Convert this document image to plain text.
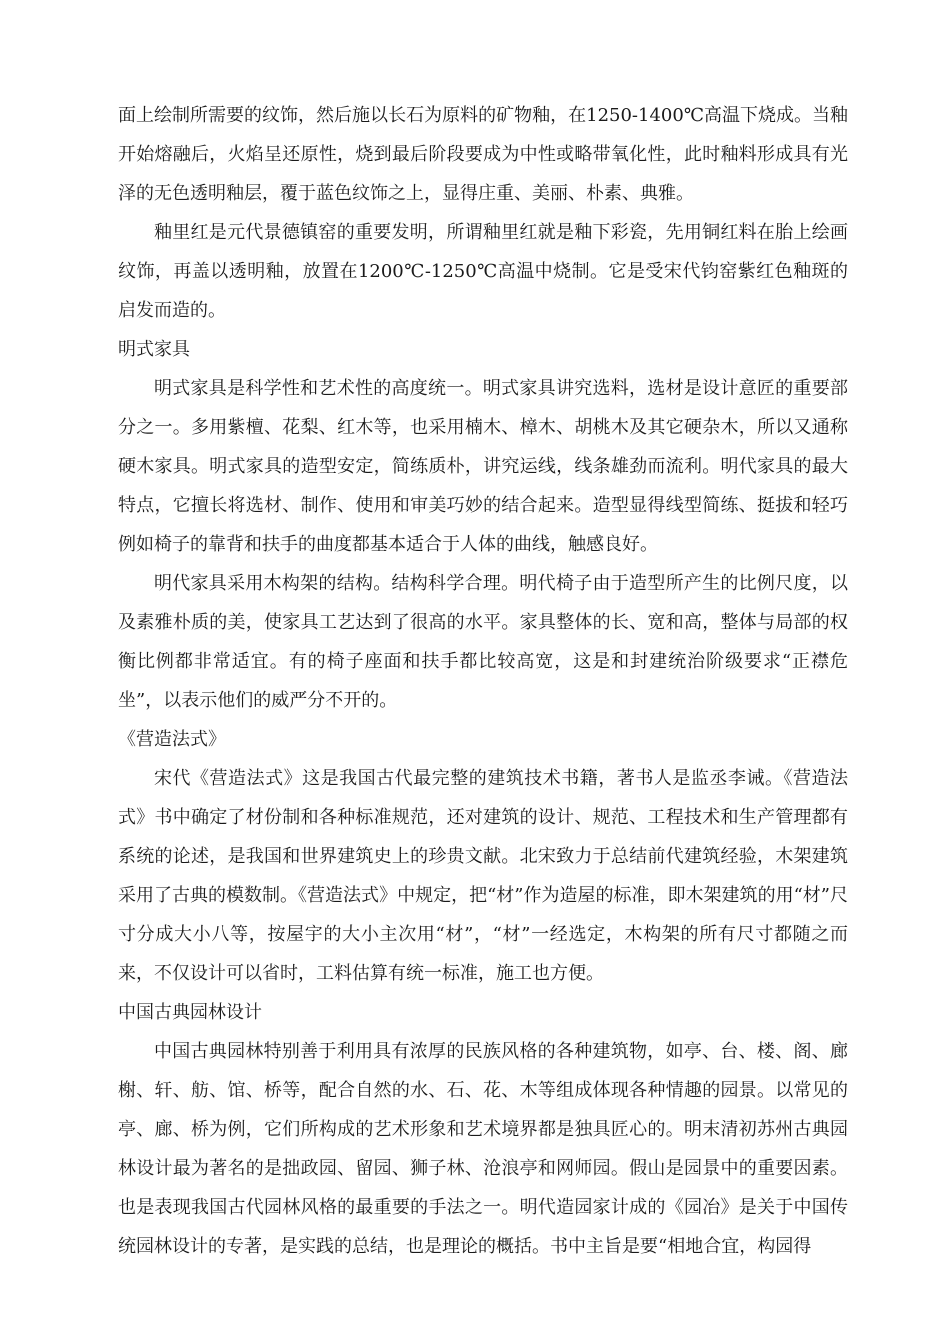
面上绘制所需要的纹饰，然后施以长石为原料的矿物釉，在1250-1400℃高温下烧成。当釉开始熔融后，火焰呈还原性，烧到最后阶段要成为中性或略带氧化性，此时釉料形成具有光泽的无色透明釉层，覆于蓝色纹饰之上，显得庄重、美丽、朴素、典雅。

釉里红是元代景德镇窑的重要发明，所谓釉里红就是釉下彩瓷，先用铜红料在胎上绘画纹饰，再盖以透明釉，放置在1200℃-1250℃高温中烧制。它是受宋代钧窑紫红色釉斑的启发而造的。

明式家具

明式家具是科学性和艺术性的高度统一。明式家具讲究选料，选材是设计意匠的重要部分之一。多用紫檀、花梨、红木等，也采用楠木、樟木、胡桃木及其它硬杂木，所以又通称硬木家具。明式家具的造型安定，简练质朴，讲究运线，线条雄劲而流利。明代家具的最大特点，它擅长将选材、制作、使用和审美巧妙的结合起来。造型显得线型简练、挺拔和轻巧例如椅子的靠背和扶手的曲度都基本适合于人体的曲线，触感良好。

明代家具采用木构架的结构。结构科学合理。明代椅子由于造型所产生的比例尺度，以及素雅朴质的美，使家具工艺达到了很高的水平。家具整体的长、宽和高，整体与局部的权衡比例都非常适宜。有的椅子座面和扶手都比较高宽，这是和封建统治阶级要求“正襟危坐”，以表示他们的威严分不开的。

《营造法式》

宋代《营造法式》这是我国古代最完整的建筑技术书籍，著书人是监丞李诫。《营造法式》书中确定了材份制和各种标准规范，还对建筑的设计、规范、工程技术和生产管理都有系统的论述，是我国和世界建筑史上的珍贵文献。北宋致力于总结前代建筑经验，木架建筑采用了古典的模数制。《营造法式》中规定，把“材”作为造屋的标准，即木架建筑的用“材”尺寸分成大小八等，按屋宇的大小主次用“材”，“材”一经选定，木构架的所有尺寸都随之而来，不仅设计可以省时，工料估算有统一标准，施工也方便。

中国古典园林设计

中国古典园林特别善于利用具有浓厚的民族风格的各种建筑物，如亭、台、楼、阁、廊榭、轩、舫、馆、桥等，配合自然的水、石、花、木等组成体现各种情趣的园景。以常见的亭、廊、桥为例，它们所构成的艺术形象和艺术境界都是独具匠心的。明末清初苏州古典园林设计最为著名的是拙政园、留园、狮子林、沧浪亭和网师园。假山是园景中的重要因素。也是表现我国古代园林风格的最重要的手法之一。明代造园家计成的《园冶》是关于中国传统园林设计的专著，是实践的总结，也是理论的概括。书中主旨是要“相地合宜，构园得
